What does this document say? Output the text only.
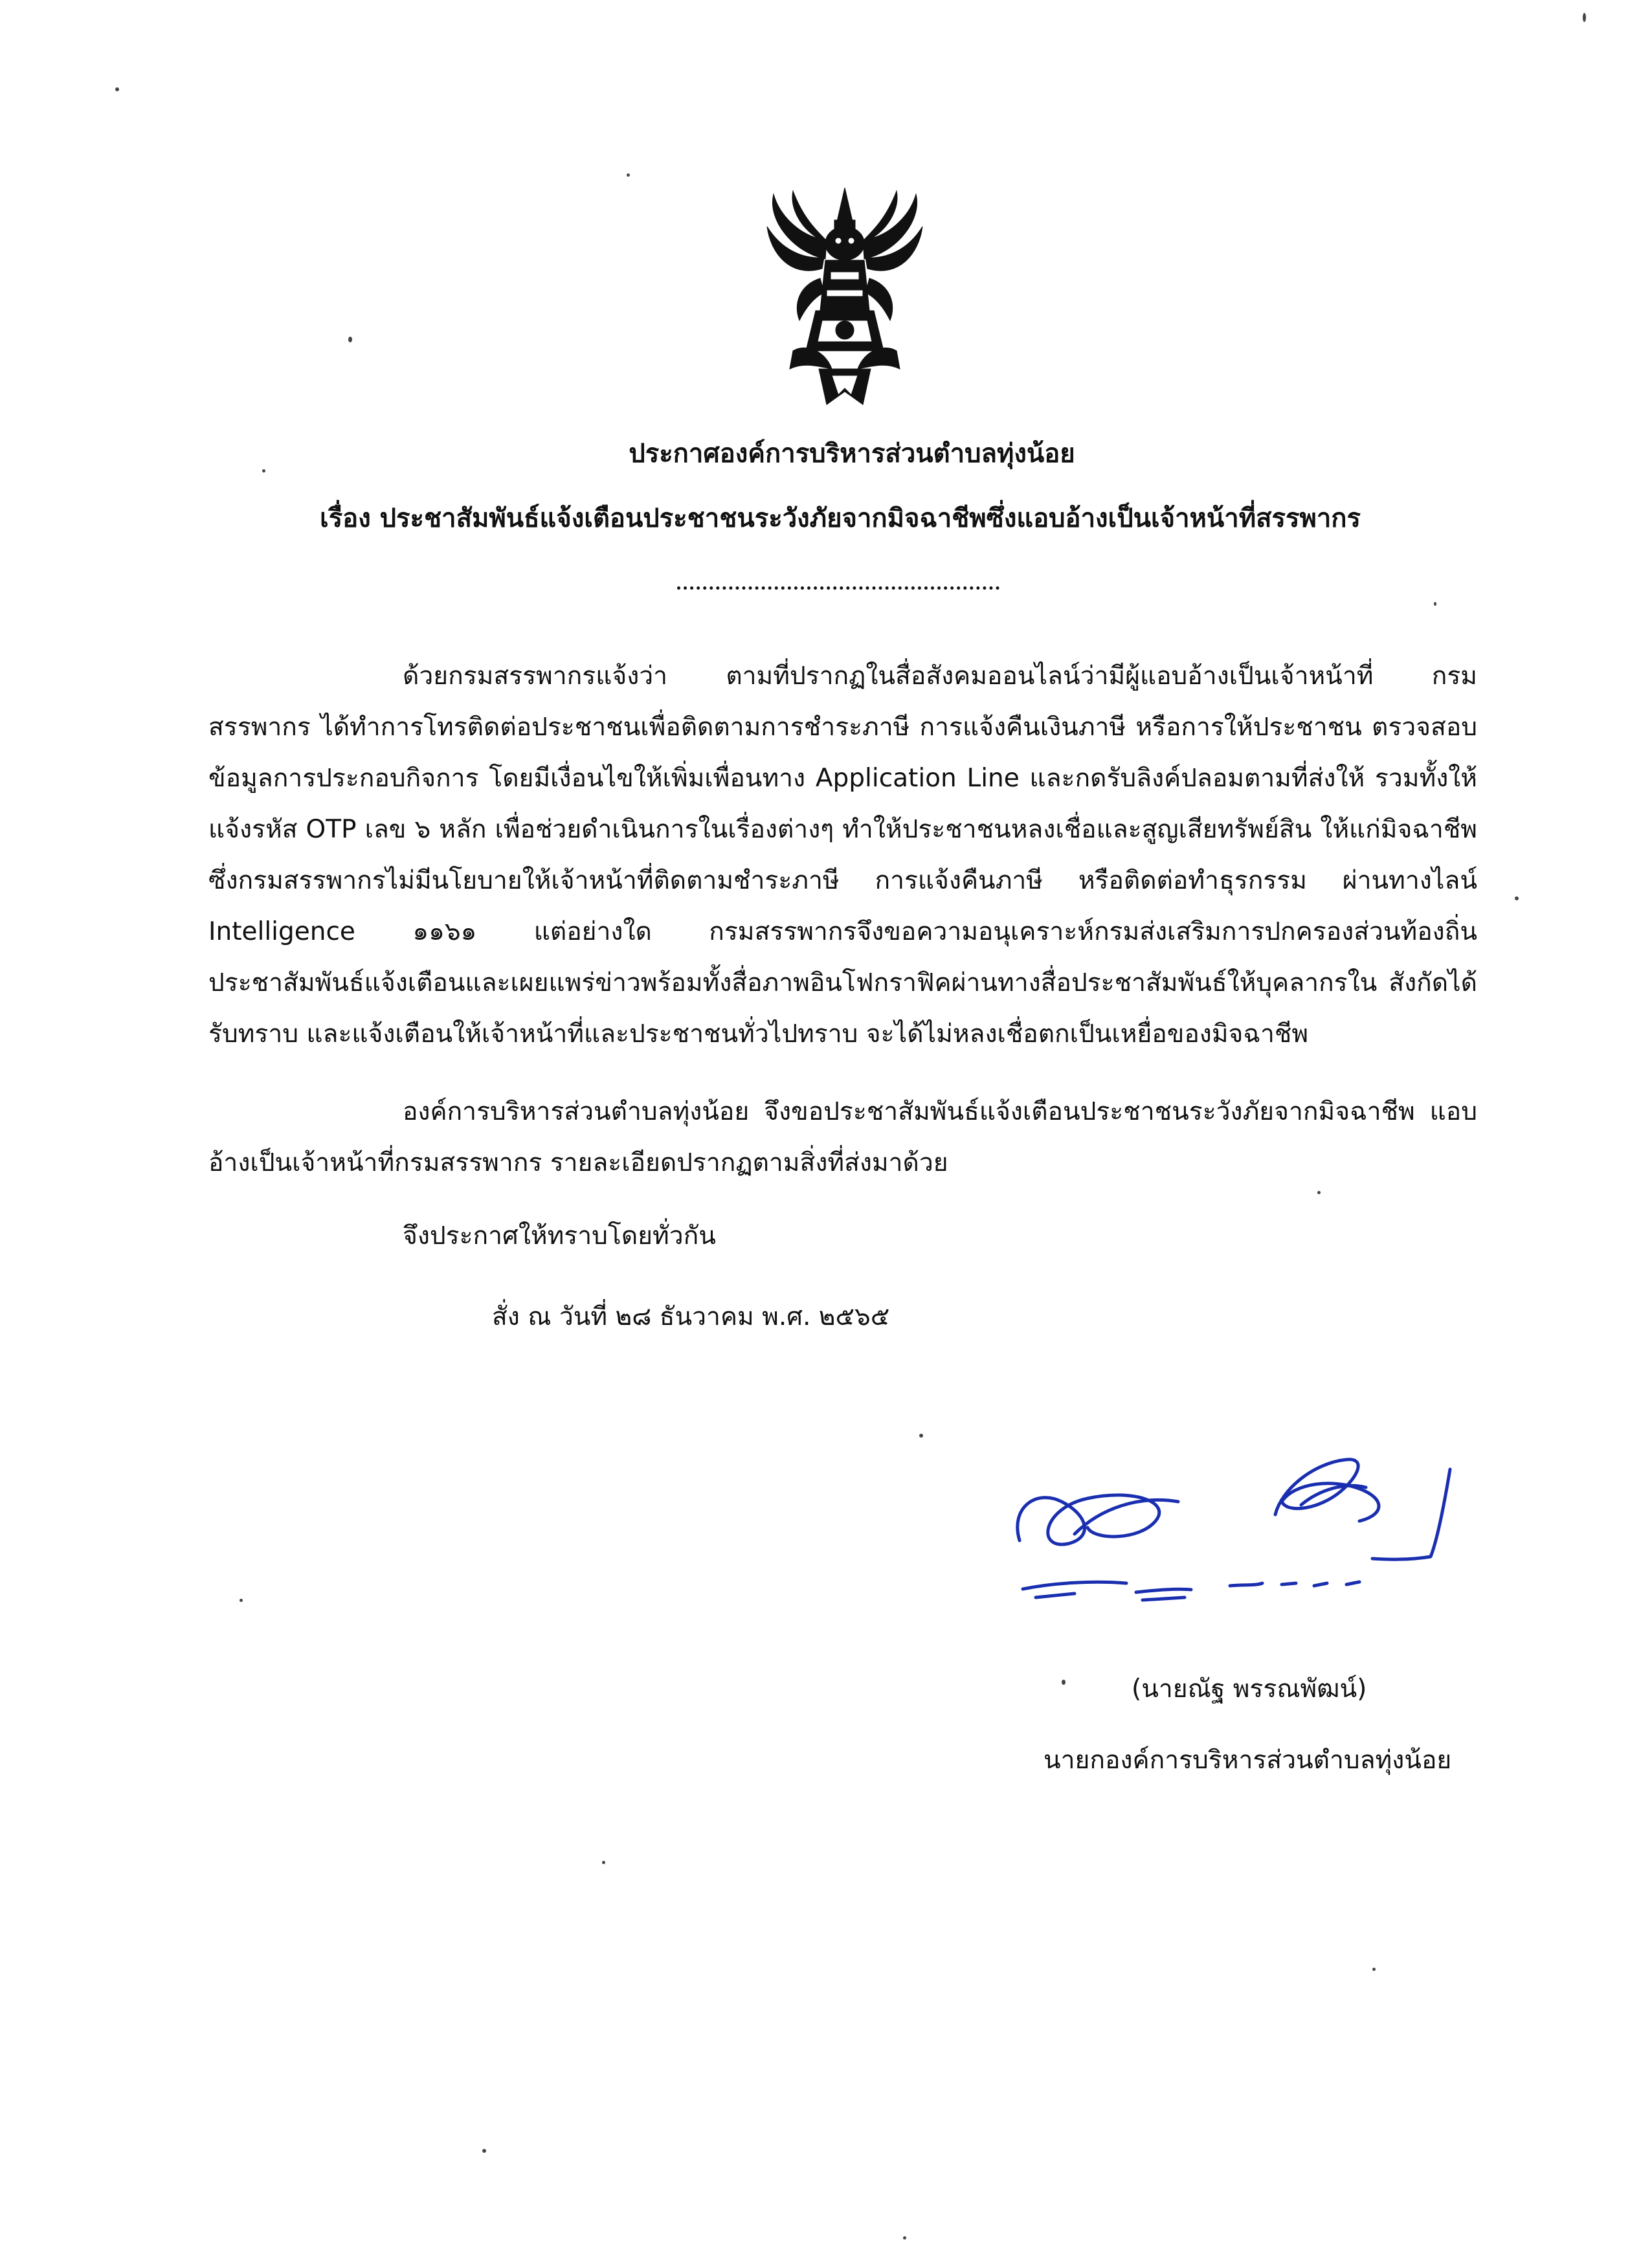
ประกาศองค์การบริหารส่วนตำบลทุ่งน้อย
เรื่อง ประชาสัมพันธ์แจ้งเตือนประชาชนระวังภัยจากมิจฉาชีพซึ่งแอบอ้างเป็นเจ้าหน้าที่สรรพากร
ด้วยกรมสรรพากรแจ้งว่า ตามที่ปรากฏในสื่อสังคมออนไลน์ว่ามีผู้แอบอ้างเป็นเจ้าหน้าที่ กรมสรรพากร ได้ทำการโทรติดต่อประชาชนเพื่อติดตามการชำระภาษี การแจ้งคืนเงินภาษี หรือการให้ประชาชน ตรวจสอบข้อมูลการประกอบกิจการ โดยมีเงื่อนไขให้เพิ่มเพื่อนทาง Application Line และกดรับลิงค์ปลอมตามที่ส่งให้ รวมทั้งให้แจ้งรหัส OTP เลข ๖ หลัก เพื่อช่วยดำเนินการในเรื่องต่างๆ ทำให้ประชาชนหลงเชื่อและสูญเสียทรัพย์สิน ให้แก่มิจฉาชีพ ซึ่งกรมสรรพากรไม่มีนโยบายให้เจ้าหน้าที่ติดตามชำระภาษี การแจ้งคืนภาษี หรือติดต่อทำธุรกรรม ผ่านทางไลน์ Intelligence ๑๑๖๑ แต่อย่างใด กรมสรรพากรจึงขอความอนุเคราะห์กรมส่งเสริมการปกครองส่วนท้องถิ่น ประชาสัมพันธ์แจ้งเตือนและเผยแพร่ข่าวพร้อมทั้งสื่อภาพอินโฟกราฟิคผ่านทางสื่อประชาสัมพันธ์ให้บุคลากรใน สังกัดได้รับทราบ และแจ้งเตือนให้เจ้าหน้าที่และประชาชนทั่วไปทราบ จะได้ไม่หลงเชื่อตกเป็นเหยื่อของมิจฉาชีพ
องค์การบริหารส่วนตำบลทุ่งน้อย จึงขอประชาสัมพันธ์แจ้งเตือนประชาชนระวังภัยจากมิจฉาชีพ แอบอ้างเป็นเจ้าหน้าที่กรมสรรพากร รายละเอียดปรากฏตามสิ่งที่ส่งมาด้วย
จึงประกาศให้ทราบโดยทั่วกัน
สั่ง ณ วันที่ ๒๘ ธันวาคม พ.ศ. ๒๕๖๕
(นายณัฐ พรรณพัฒน์)
นายกองค์การบริหารส่วนตำบลทุ่งน้อย
